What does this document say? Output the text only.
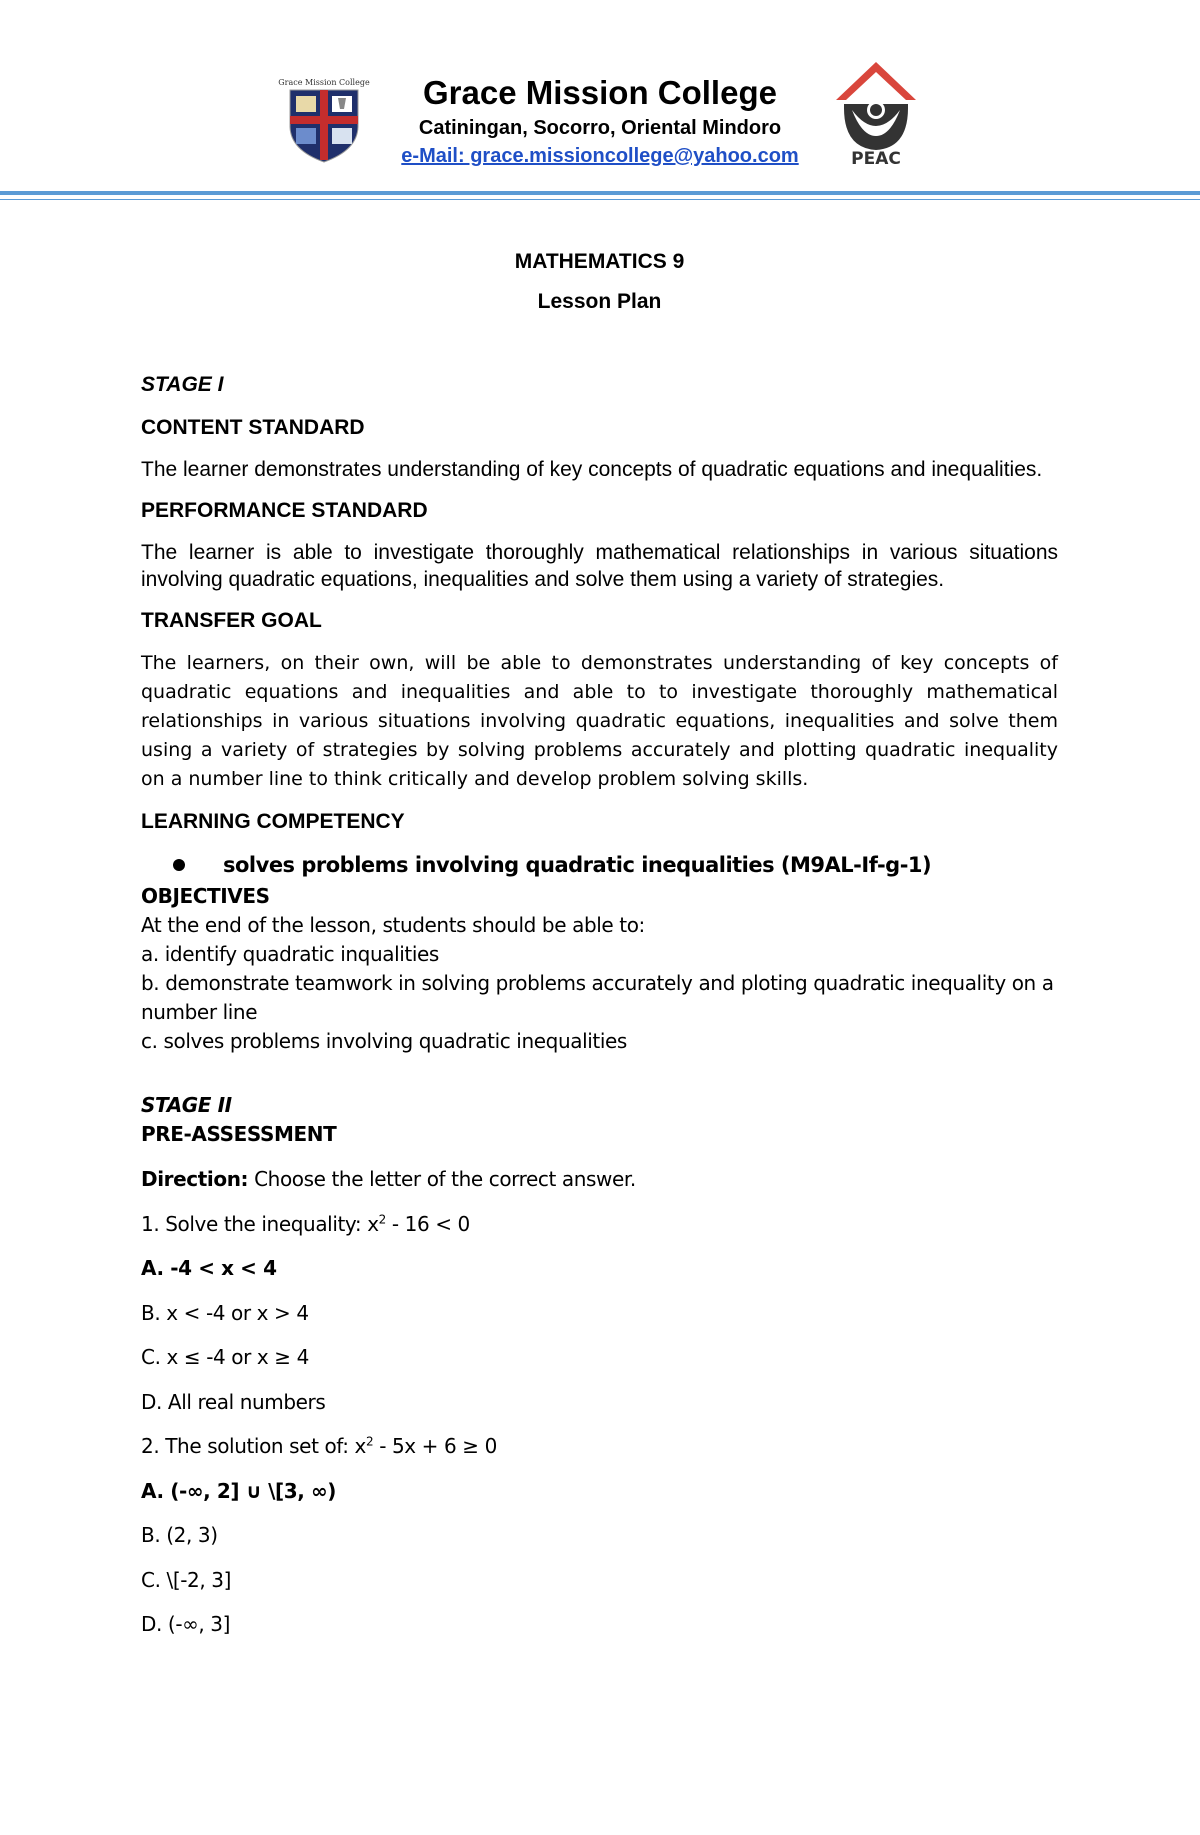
Grace Mission College	Grace Mission College
Catiningan, Socorro, Oriental Mindoro
e-Mail: grace.missioncollege@yahoo.com	PEAC

MATHEMATICS 9

Lesson Plan

STAGE I

CONTENT STANDARD

The learner demonstrates understanding of key concepts of quadratic equations and inequalities.

PERFORMANCE STANDARD

The learner is able to investigate thoroughly mathematical relationships in various situations involving quadratic equations, inequalities and solve them using a variety of strategies.

TRANSFER GOAL

The learners, on their own, will be able to demonstrates understanding of key concepts of quadratic equations and inequalities and able to to investigate thoroughly mathematical relationships in various situations involving quadratic equations, inequalities and solve them using a variety of strategies by solving problems accurately and plotting quadratic inequality on a number line to think critically and develop problem solving skills.

LEARNING COMPETENCY

solves problems involving quadratic inequalities (M9AL-If-g-1)

OBJECTIVES

At the end of the lesson, students should be able to:

a. identify quadratic inqualities

b. demonstrate teamwork in solving problems accurately and ploting quadratic inequality on a number line

c. solves problems involving quadratic inequalities

STAGE II

PRE-ASSESSMENT

Direction: Choose the letter of the correct answer.

1. Solve the inequality: $x^2 - 16 < 0$

A. -4 < x < 4

B. x < -4 or x > 4

C. x ≤ -4 or x ≥ 4

D. All real numbers

2. The solution set of: $x^2 - 5x + 6 \ge 0$

A. (-∞, 2] ∪ \[3, ∞)

B. (2, 3)

C. \[-2, 3]

D. (-∞, 3]
